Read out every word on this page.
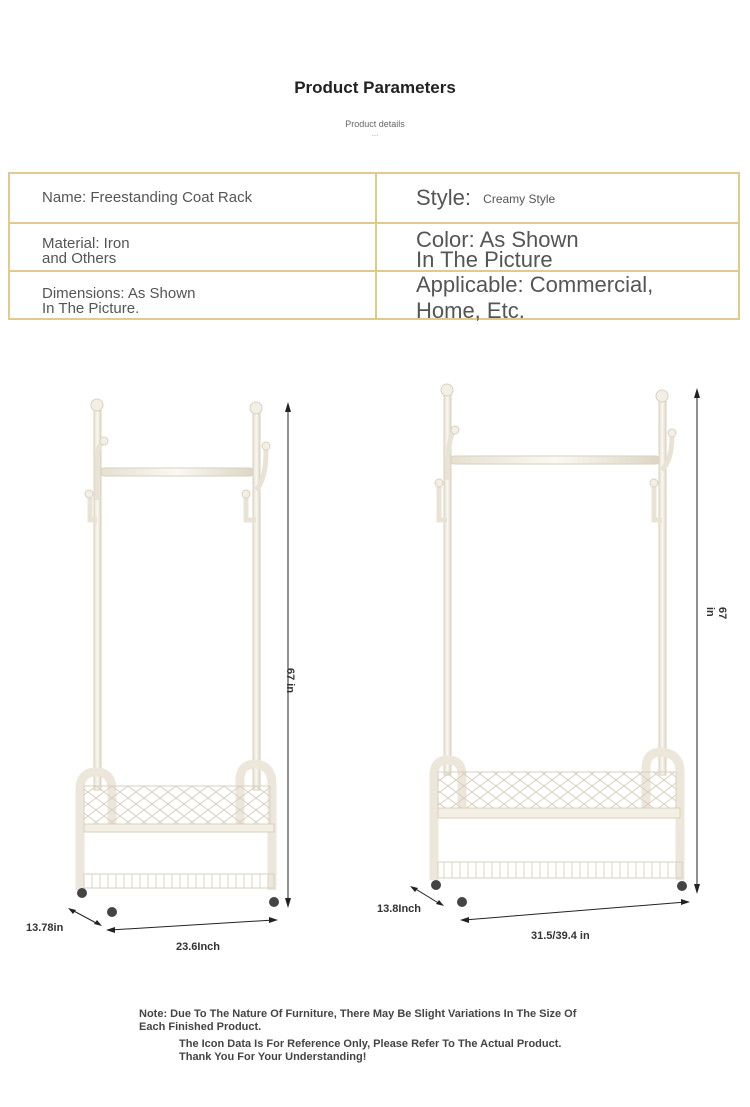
Product Parameters
Product details
...
Name: Freestanding Coat Rack	Style: Creamy Style
Material: Iron
and Others
Color: As Shown
In The Picture
Dimensions: As Shown
In The Picture.
Applicable: Commercial,
Home, Etc.
67 in
13.78in
23.6Inch
67 in
13.8Inch
31.5/39.4 in
Note: Due To The Nature Of Furniture, There May Be Slight Variations In The Size Of
Each Finished Product.
The Icon Data Is For Reference Only, Please Refer To The Actual Product.
Thank You For Your Understanding!
